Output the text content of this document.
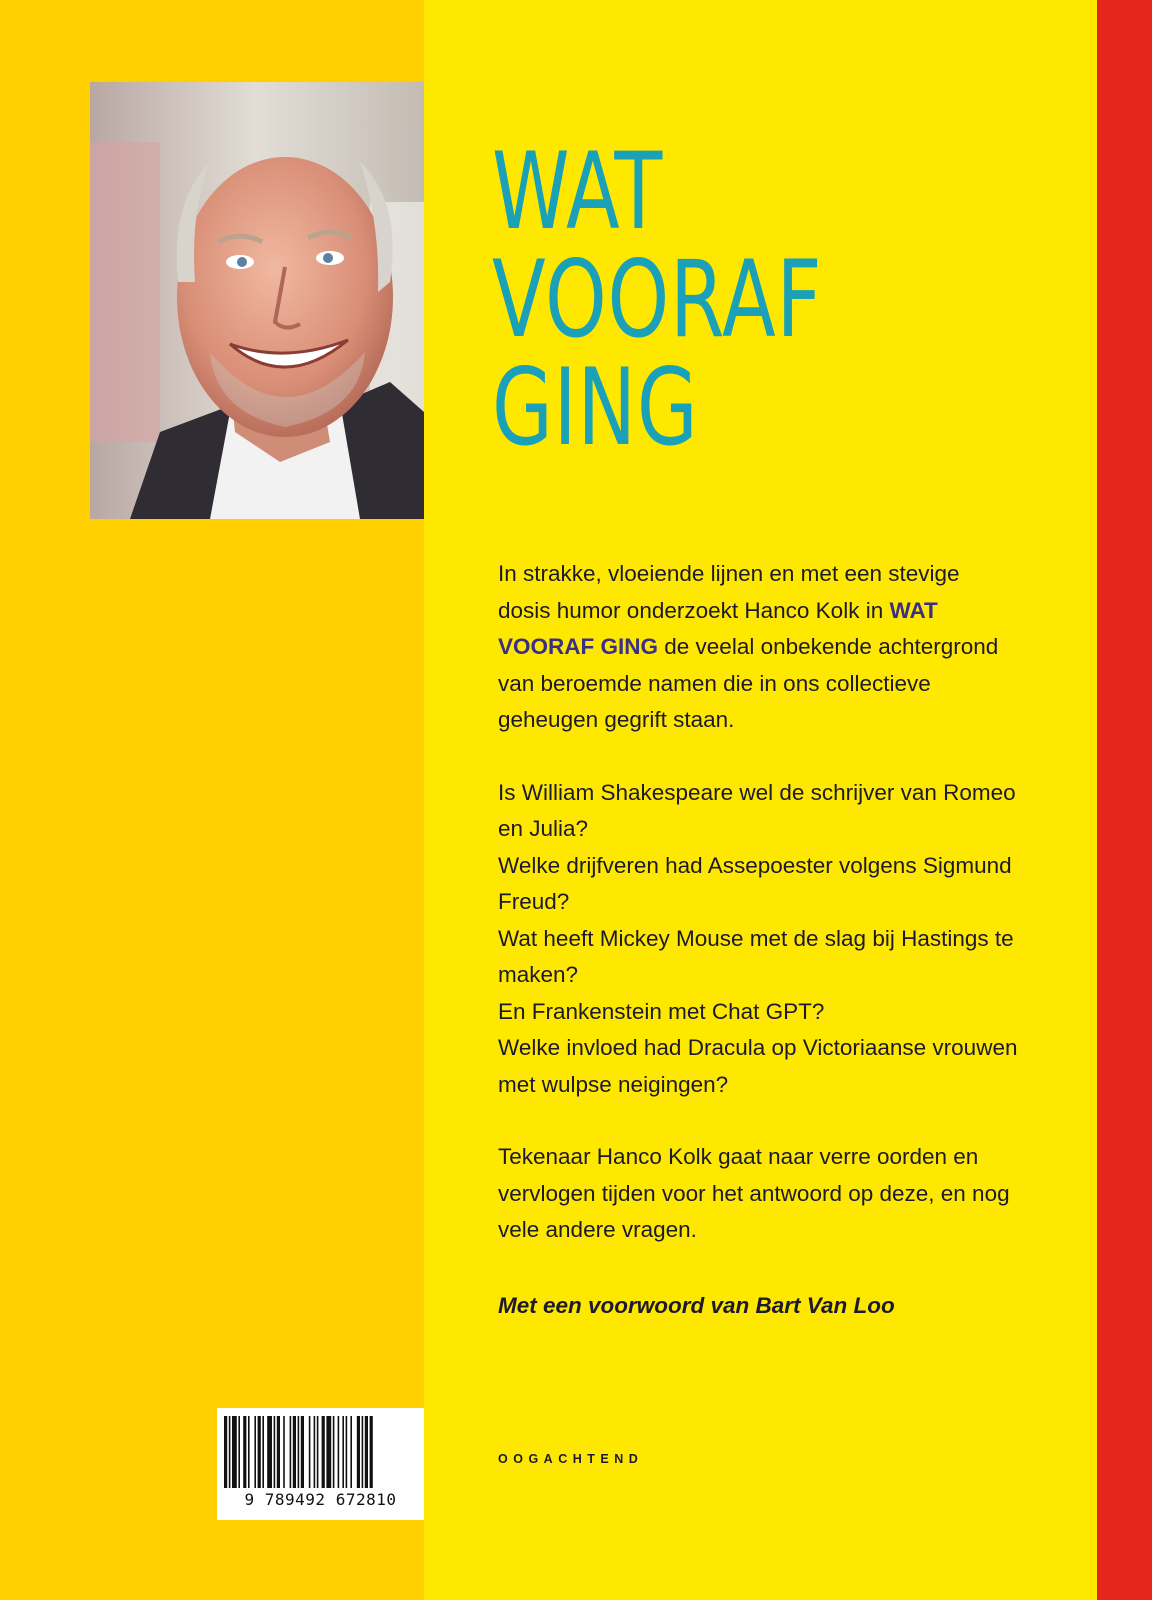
WAT
VOORAF
GING

In strakke, vloeiende lijnen en met een stevige dosis humor onderzoekt Hanco Kolk in WAT VOORAF GING de veelal onbekende achtergrond van beroemde namen die in ons collectieve geheugen gegrift staan.

Is William Shakespeare wel de schrijver van Romeo en Julia?
Welke drijfveren had Assepoester volgens Sigmund Freud?
Wat heeft Mickey Mouse met de slag bij Hastings te maken?
En Frankenstein met Chat GPT?
Welke invloed had Dracula op Victoriaanse vrouwen met wulpse neigingen?

Tekenaar Hanco Kolk gaat naar verre oorden en vervlogen tijden voor het antwoord op deze, en nog vele andere vragen.

Met een voorwoord van Bart Van Loo
OOGACHTEND
9 789492 672810
